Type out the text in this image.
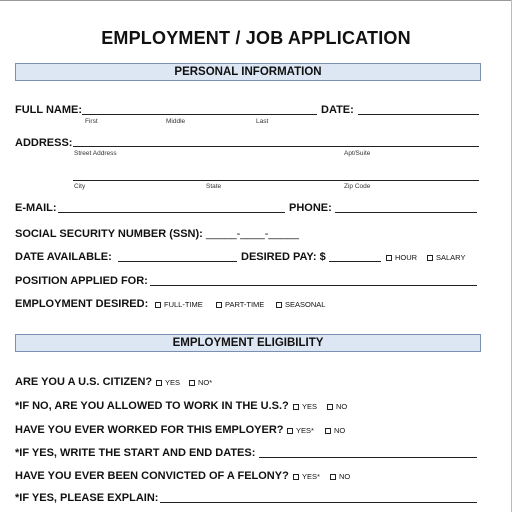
EMPLOYMENT / JOB APPLICATION
PERSONAL INFORMATION
FULL NAME:
First	Middle	Last
DATE:
ADDRESS:
Street Address	Apt/Suite
City	State	Zip Code
E-MAIL:	PHONE:
SOCIAL SECURITY NUMBER (SSN): _____-____-_____
DATE AVAILABLE:	DESIRED PAY: $	HOUR	SALARY
POSITION APPLIED FOR:
EMPLOYMENT DESIRED: FULL-TIME	PART-TIME	SEASONAL
EMPLOYMENT ELIGIBILITY
ARE YOU A U.S. CITIZEN? YES NO*
*IF NO, ARE YOU ALLOWED TO WORK IN THE U.S.? YES	NO
HAVE YOU EVER WORKED FOR THIS EMPLOYER? YES*	NO
*IF YES, WRITE THE START AND END DATES:
HAVE YOU EVER BEEN CONVICTED OF A FELONY? YES*	NO
*IF YES, PLEASE EXPLAIN:
